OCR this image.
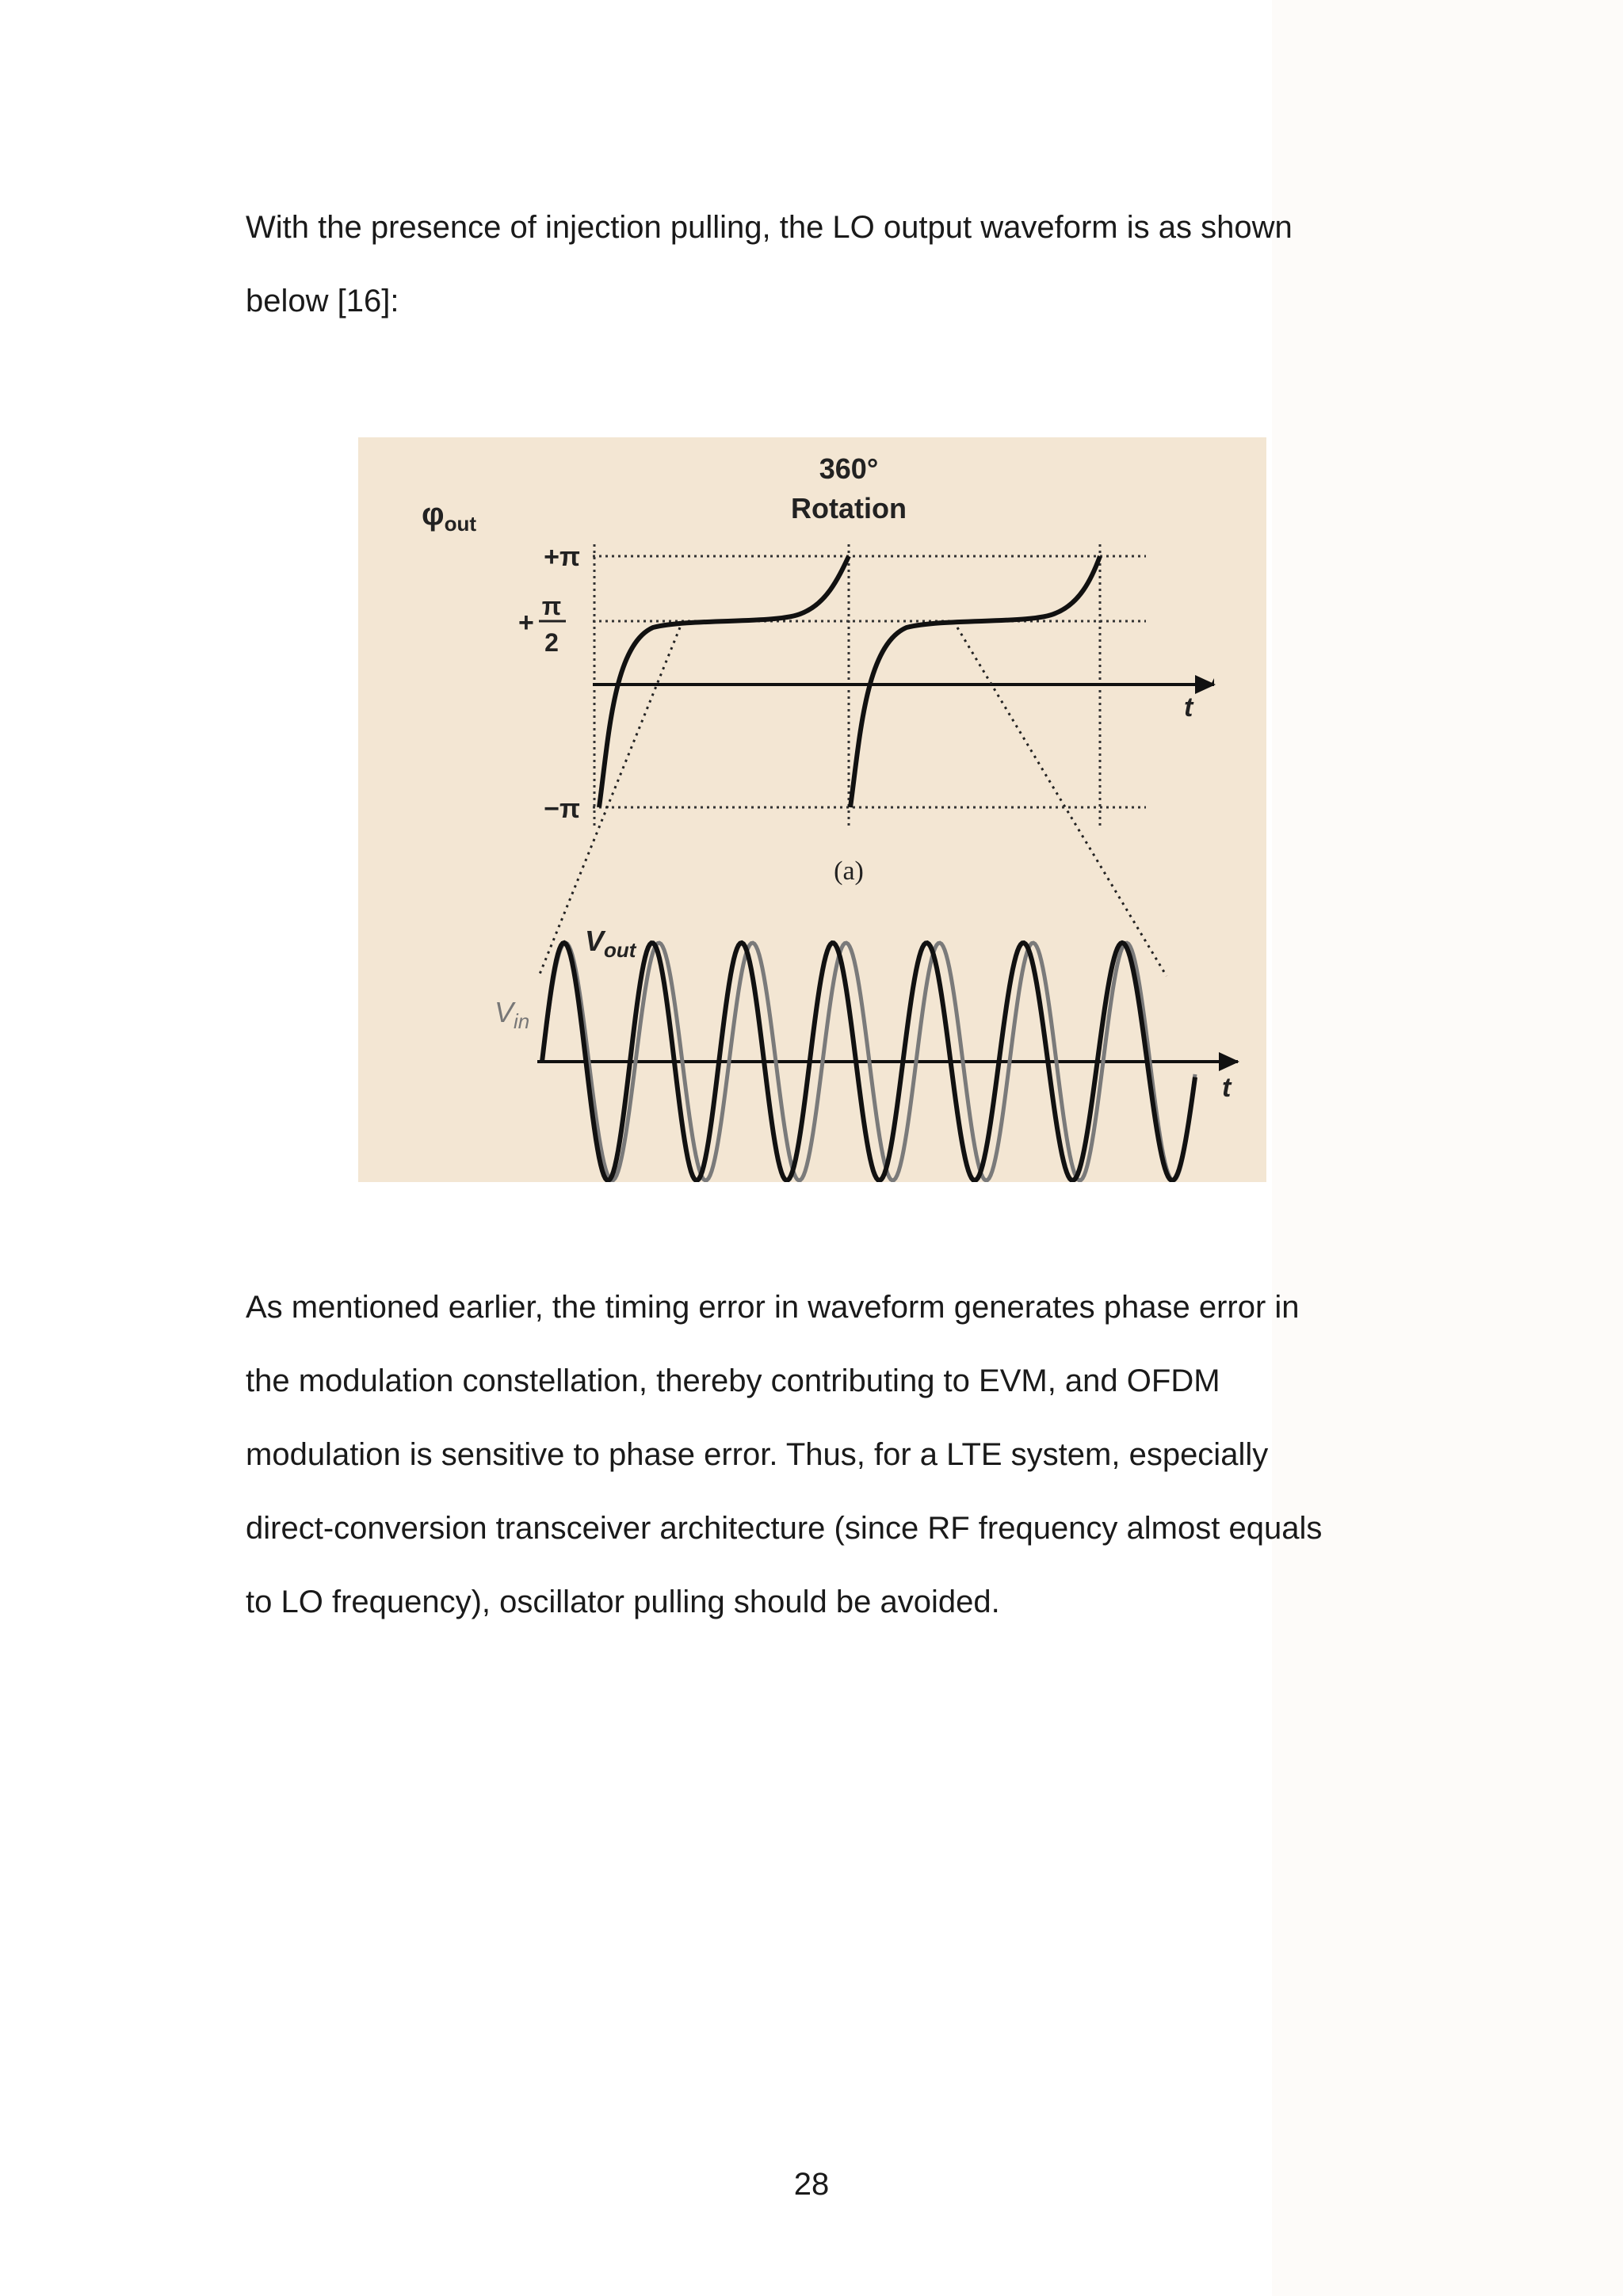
With the presence of injection pulling, the LO output waveform is as shown
below [16]:
360°
Rotation
$\varphi_{out}$
+π
+
π
2
−π
t
(a)
$V_{out}$
$V_{in}$
t
As mentioned earlier, the timing error in waveform generates phase error in
the modulation constellation, thereby contributing to EVM, and OFDM
modulation is sensitive to phase error. Thus, for a LTE system, especially
direct-conversion transceiver architecture (since RF frequency almost equals
to LO frequency), oscillator pulling should be avoided.
28
